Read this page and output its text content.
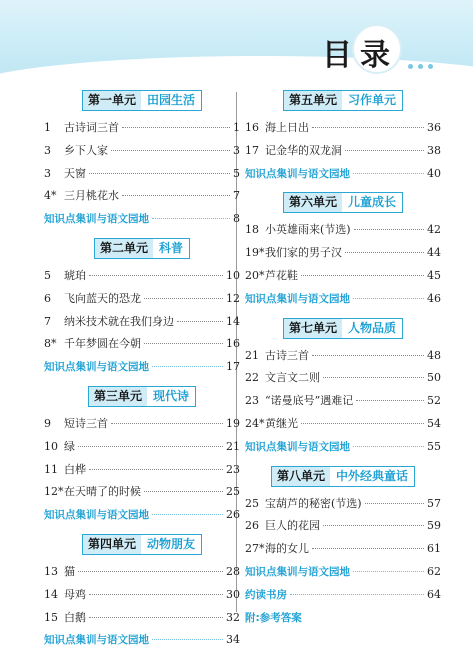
目 录
第一单元 田园生活
1	古诗词三首	1
3	乡下人家	3
3	天窗	5
4* 三月桃花水	7
知识点集训与语文园地	8
第二单元 科普
5	琥珀	10
6	飞向蓝天的恐龙	12
7	纳米技术就在我们身边	14
8* 千年梦圆在今朝	16
知识点集训与语文园地	17
第三单元 现代诗
9	短诗三首	19
10 绿	21
11 白桦	23
12* 在天晴了的时候	25
知识点集训与语文园地	26
第四单元 动物朋友
13 猫	28
14 母鸡	30
15 白鹅	32
知识点集训与语文园地	34
第五单元 习作单元
16 海上日出	36
17 记金华的双龙洞	38
知识点集训与语文园地	40
第六单元 儿童成长
18 小英雄雨来(节选)	42
19* 我们家的男子汉	44
20* 芦花鞋	45
知识点集训与语文园地	46
第七单元 人物品质
21 古诗三首	48
22 文言文二则	50
23 “诺曼底号”遇难记	52
24* 黄继光	54
知识点集训与语文园地	55
第八单元 中外经典童话
25 宝葫芦的秘密(节选)	57
26 巨人的花园	59
27* 海的女儿	61
知识点集训与语文园地	62
约读书房	64
附:参考答案
